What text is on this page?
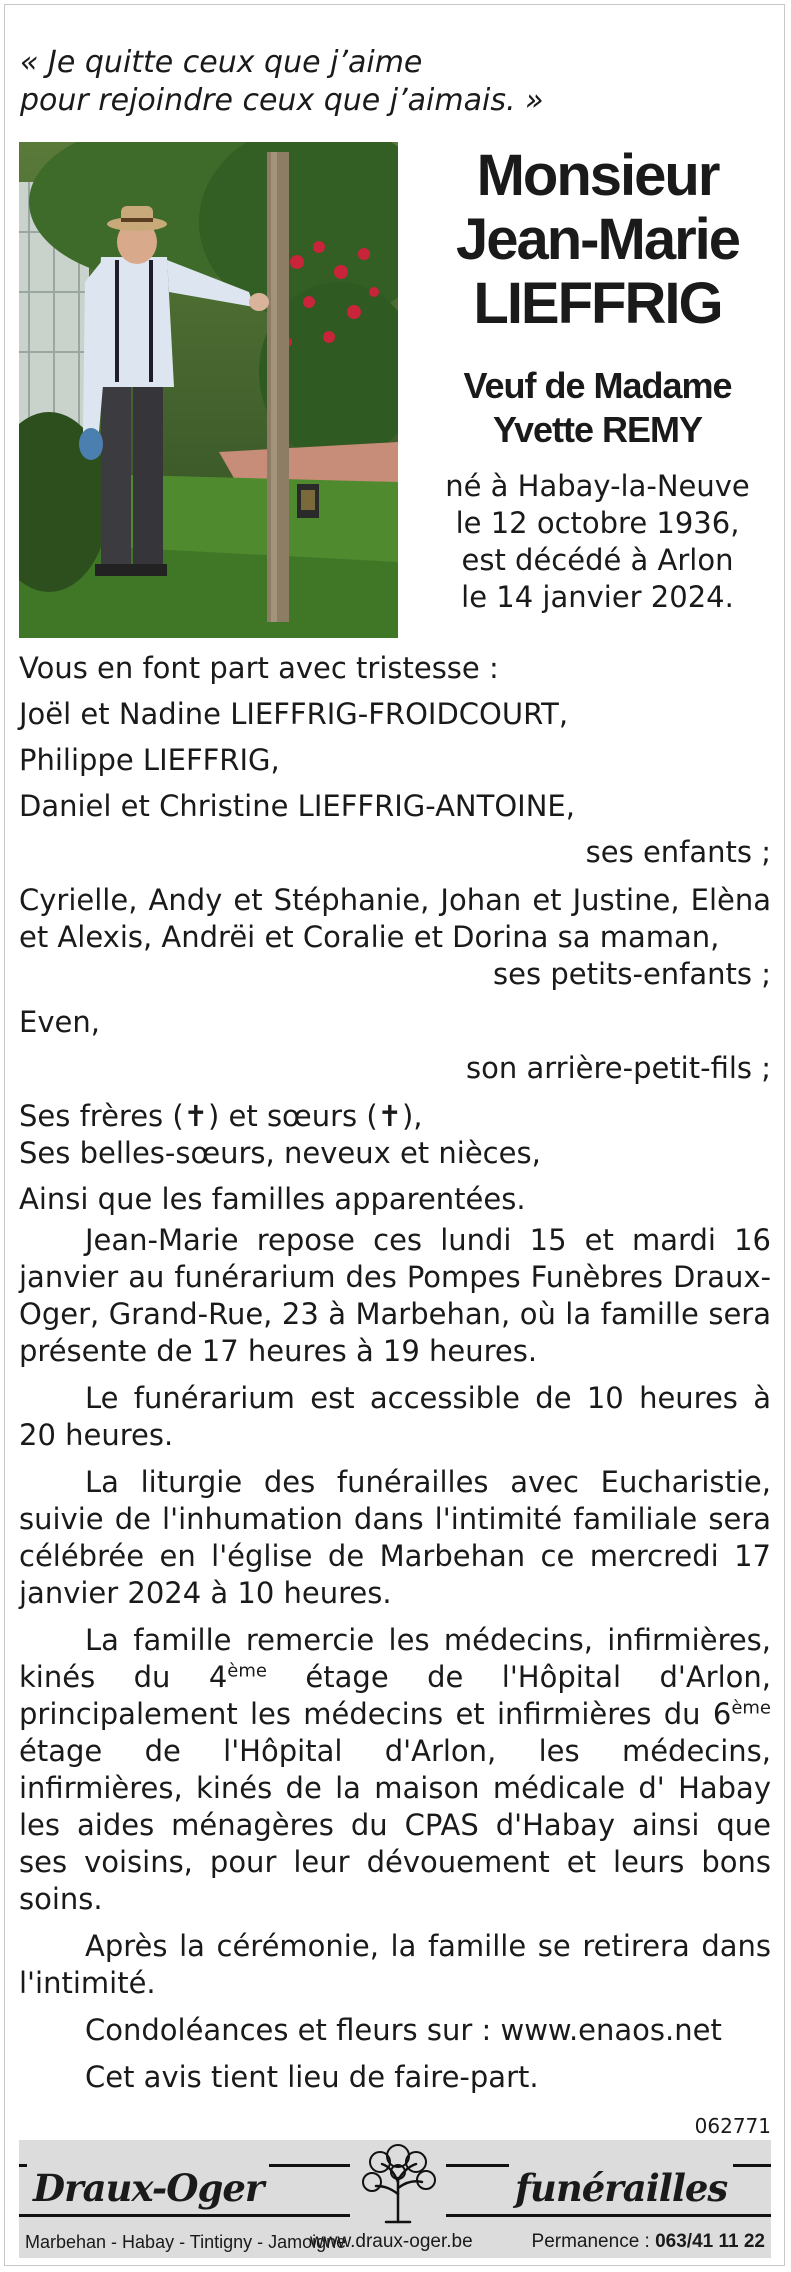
« Je quitte ceux que j’aime
pour rejoindre ceux que j’aimais. »
Monsieur
Jean-Marie
LIEFFRIG
Veuf de Madame
Yvette REMY
né à Habay-la-Neuve
le 12 octobre 1936,
est décédé à Arlon
le 14 janvier 2024.
Vous en font part avec tristesse :
Joël et Nadine LIEFFRIG-FROIDCOURT,
Philippe LIEFFRIG,
Daniel et Christine LIEFFRIG-ANTOINE,
ses enfants ;
Cyrielle, Andy et Stéphanie, Johan et Justine, Elèna et Alexis, Andrëi et Coralie et Dorina sa maman,
ses petits-enfants ;
Even,
son arrière-petit-fils ;
Ses frères (✝) et sœurs (✝),
Ses belles-sœurs, neveux et nièces,
Ainsi que les familles apparentées.
Jean-Marie repose ces lundi 15 et mardi 16 janvier au funérarium des Pompes Funèbres Draux-Oger, Grand-Rue, 23 à Marbehan, où la famille sera présente de 17 heures à 19 heures.
Le funérarium est accessible de 10 heures à 20 heures.
La liturgie des funérailles avec Eucharistie, suivie de l'inhumation dans l'intimité familiale sera célébrée en l'église de Marbehan ce mercredi 17 janvier 2024 à 10 heures.
La famille remercie les médecins, infirmières, kinés du 4ème étage de l'Hôpital d'Arlon, principalement les médecins et infirmières du 6ème étage de l'Hôpital d'Arlon, les médecins, infirmières, kinés de la maison médicale d' Habay les aides ménagères du CPAS d'Habay ainsi que ses voisins, pour leur dévouement et leurs bons soins.
Après la cérémonie, la famille se retirera dans l'intimité.
Condoléances et fleurs sur : www.enaos.net
Cet avis tient lieu de faire-part.
062771
Draux-Oger	funérailles
Marbehan - Habay - Tintigny - Jamoigne
www.draux-oger.be	Permanence : 063/41 11 22
